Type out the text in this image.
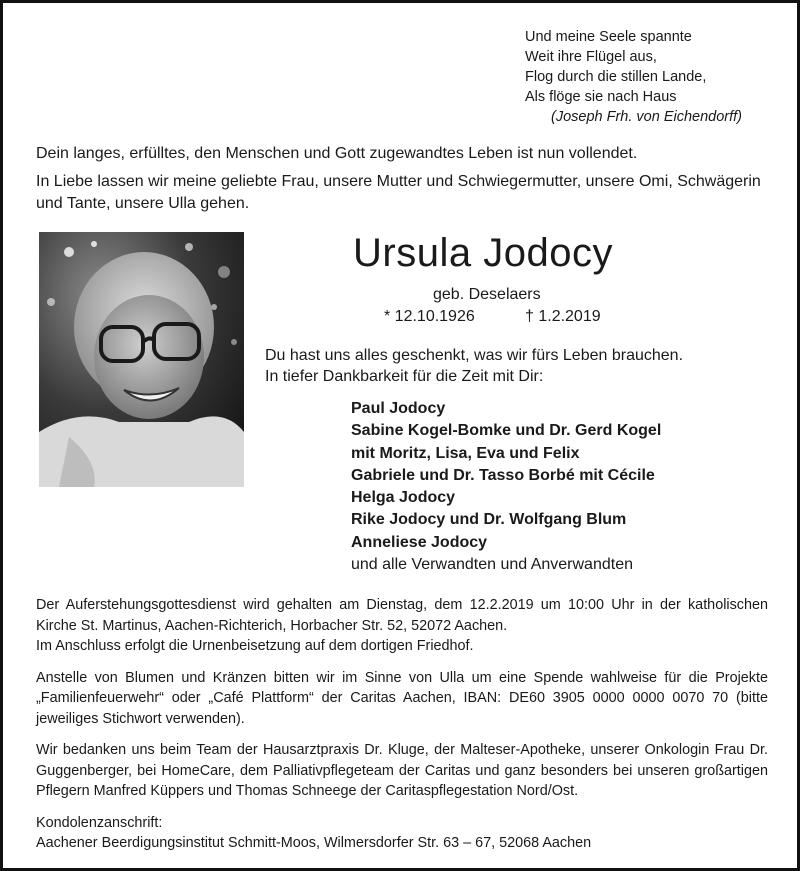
Und meine Seele spannte
Weit ihre Flügel aus,
Flog durch die stillen Lande,
Als flöge sie nach Haus
(Joseph Frh. von Eichendorff)

Dein langes, erfülltes, den Menschen und Gott zugewandtes Leben ist nun vollendet.

In Liebe lassen wir meine geliebte Frau, unsere Mutter und Schwiegermutter, unsere Omi, Schwägerin und Tante, unsere Ulla gehen.

Ursula Jodocy
geb. Deselaers
* 12.10.1926	† 1.2.2019
Du hast uns alles geschenkt, was wir fürs Leben brauchen.
In tiefer Dankbarkeit für die Zeit mit Dir:
Paul Jodocy
Sabine Kogel-Bomke und Dr. Gerd Kogel
mit Moritz, Lisa, Eva und Felix
Gabriele und Dr. Tasso Borbé mit Cécile
Helga Jodocy
Rike Jodocy und Dr. Wolfgang Blum
Anneliese Jodocy
und alle Verwandten und Anverwandten

Der Auferstehungsgottesdienst wird gehalten am Dienstag, dem 12.2.2019 um 10:00 Uhr in der katholischen Kirche St. Martinus, Aachen-Richterich, Horbacher Str. 52, 52072 Aachen.
Im Anschluss erfolgt die Urnenbeisetzung auf dem dortigen Friedhof.

Anstelle von Blumen und Kränzen bitten wir im Sinne von Ulla um eine Spende wahlweise für die Projekte „Familienfeuerwehr“ oder „Café Plattform“ der Caritas Aachen, IBAN: DE60 3905 0000 0000 0070 70 (bitte jeweiliges Stichwort verwenden).

Wir bedanken uns beim Team der Hausarztpraxis Dr. Kluge, der Malteser-Apotheke, unserer Onkologin Frau Dr. Guggenberger, bei HomeCare, dem Palliativpflegeteam der Caritas und ganz besonders bei unseren großartigen Pflegern Manfred Küppers und Thomas Schneege der Caritaspflegestation Nord/Ost.

Kondolenzanschrift:
Aachener Beerdigungsinstitut Schmitt-Moos, Wilmersdorfer Str. 63 – 67, 52068 Aachen
